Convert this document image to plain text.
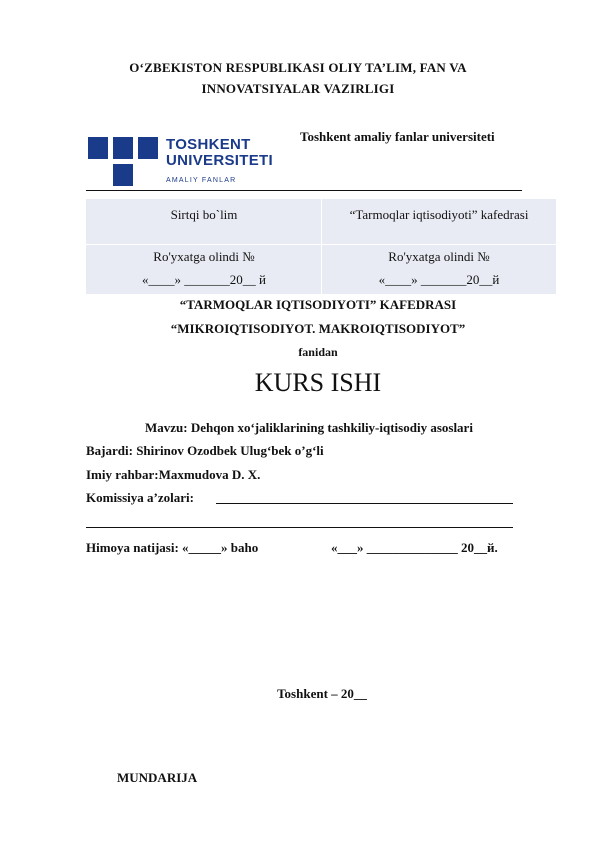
O‘ZBEKISTON RESPUBLIKASI OLIY TA’LIM, FAN VA
INNOVATSIYALAR VAZIRLIGI
Toshkent amaliy fanlar universiteti
TOSHKENT
UNIVERSITETI
AMALIY FANLAR
Sirtqi bo`lim	“Tarmoqlar iqtisodiyoti” kafedrasi
Ro'yxatga olindi №	Ro'yxatga olindi №
«____» _______20__ й	«____» _______20__й
“TARMOQLAR IQTISODIYOTI” KAFEDRASI
“MIKROIQTISODIYOT. MAKROIQTISODIYOT”
fanidan
KURS ISHI
Mavzu: Dehqon xo‘jaliklarining tashkiliy-iqtisodiy asoslari
Bajardi: Shirinov Ozodbek Ulug‘bek o’g‘li
Imiy rahbar:Maxmudova D. X.
Komissiya a’zolari:
Himoya natijasi: «_____» baho	«___» ______________ 20__й.
Toshkent – 20__
MUNDARIJA
